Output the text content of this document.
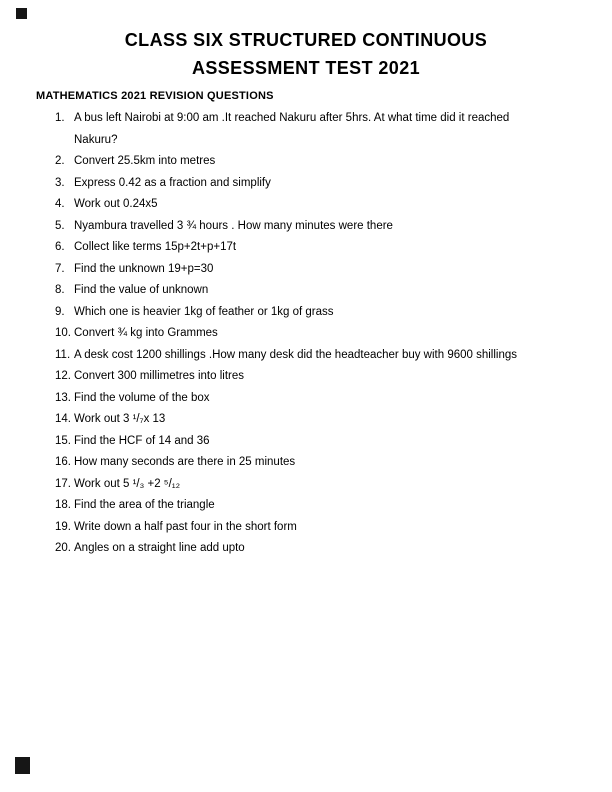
CLASS SIX STRUCTURED CONTINUOUS
ASSESSMENT TEST 2021
MATHEMATICS 2021 REVISION QUESTIONS
1. A bus left Nairobi at 9:00 am .It reached Nakuru after 5hrs. At what time did it reached Nakuru?
2. Convert 25.5km into metres
3. Express 0.42 as a fraction and simplify
4. Work out 0.24x5
5. Nyambura travelled 3 ¾ hours . How many minutes were there
6. Collect like terms 15p+2t+p+17t
7. Find the unknown 19+p=30
8. Find the value of unknown
9. Which one is heavier 1kg of feather or 1kg of grass
10. Convert ¾ kg into Grammes
11. A desk cost 1200 shillings .How many desk did the headteacher buy with 9600 shillings
12. Convert 300 millimetres into litres
13. Find the volume of the box
14. Work out 3 ¹/₇x 13
15. Find the HCF of 14 and 36
16. How many seconds are there in 25 minutes
17. Work out 5 ¹/₃ +2 ⁵/₁₂
18. Find the area of the triangle
19. Write down a half past four in the short form
20. Angles on a straight line add upto
